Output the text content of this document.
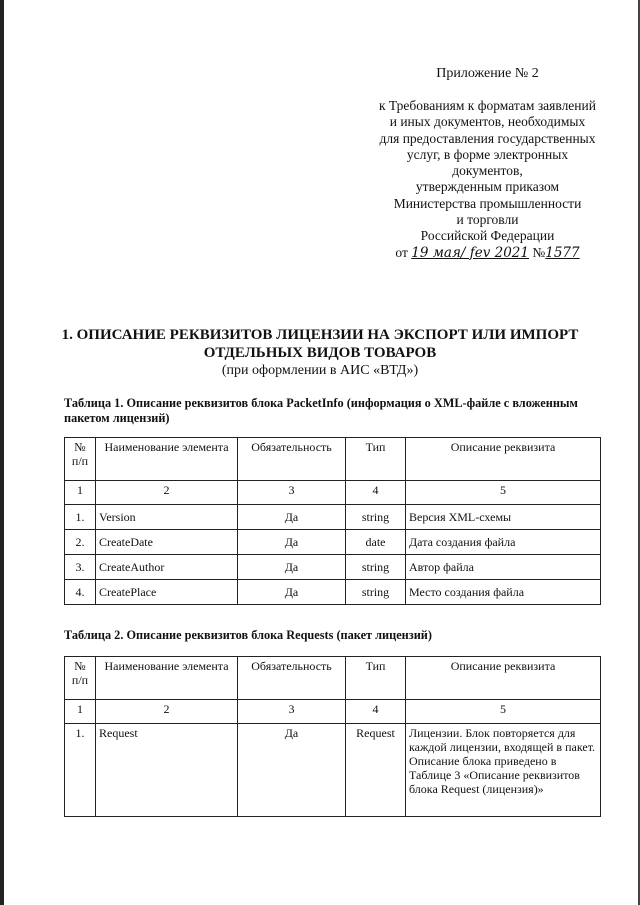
Приложение № 2
к Требованиям к форматам заявлений
и иных документов, необходимых
для предоставления государственных
услуг, в форме электронных
документов,
утвержденным приказом
Министерства промышленности
и торговли
Российской Федерации
от 19 мая/ fev 2021 №1577
1. ОПИСАНИЕ РЕКВИЗИТОВ ЛИЦЕНЗИИ НА ЭКСПОРТ ИЛИ ИМПОРТ
ОТДЕЛЬНЫХ ВИДОВ ТОВАРОВ
(при оформлении в АИС «ВТД»)
Таблица 1. Описание реквизитов блока PacketInfo (информация о XML-файле с вложенным пакетом лицензий)
№ п/п	Наименование элемента	Обязательность	Тип	Описание реквизита
1	2	3	4	5
1.	Version	Да	string	Версия XML-схемы
2.	CreateDate	Да	date	Дата создания файла
3.	CreateAuthor	Да	string	Автор файла
4.	CreatePlace	Да	string	Место создания файла
Таблица 2. Описание реквизитов блока Requests (пакет лицензий)
№ п/п	Наименование элемента	Обязательность	Тип	Описание реквизита
1	2	3	4	5
1.	Request	Да	Request	Лицензии. Блок повторяется для каждой лицензии, входящей в пакет.
Описание блока приведено в Таблице 3 «Описание реквизитов блока Request (лицензия)»
